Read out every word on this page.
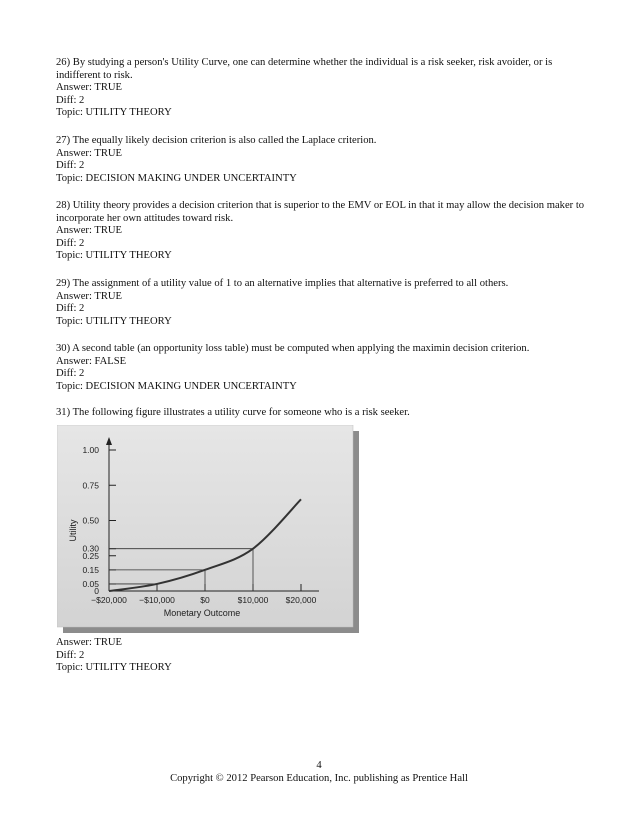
26) By studying a person's Utility Curve, one can determine whether the individual is a risk seeker, risk avoider, or is indifferent to risk.
Answer: TRUE
Diff: 2
Topic: UTILITY THEORY
27) The equally likely decision criterion is also called the Laplace criterion.
Answer: TRUE
Diff: 2
Topic: DECISION MAKING UNDER UNCERTAINTY
28) Utility theory provides a decision criterion that is superior to the EMV or EOL in that it may allow the decision maker to incorporate her own attitudes toward risk.
Answer: TRUE
Diff: 2
Topic: UTILITY THEORY
29) The assignment of a utility value of 1 to an alternative implies that alternative is preferred to all others.
Answer: TRUE
Diff: 2
Topic: UTILITY THEORY
30) A second table (an opportunity loss table) must be computed when applying the maximin decision criterion.
Answer: FALSE
Diff: 2
Topic: DECISION MAKING UNDER UNCERTAINTY
31) The following figure illustrates a utility curve for someone who is a risk seeker.
1.00
0.75
0.50
0.30
0.25
0.15
0.05
0
−$20,000 −$10,000	$0	$10,000 $20,000
Monetary Outcome
Utility
Answer: TRUE
Diff: 2
Topic: UTILITY THEORY
4
Copyright © 2012 Pearson Education, Inc. publishing as Prentice Hall
